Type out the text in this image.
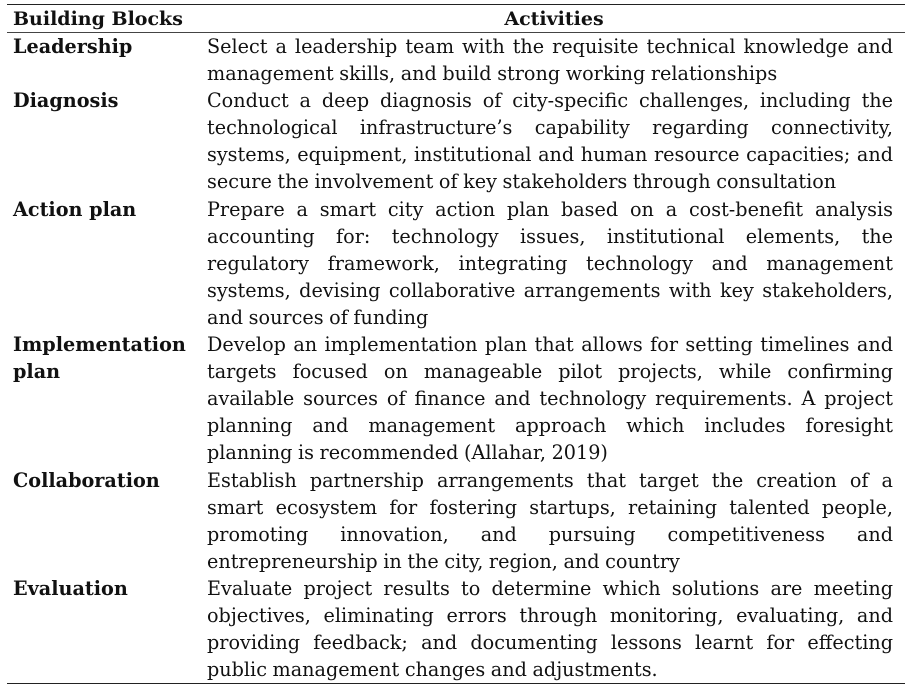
Building Blocks	Activities
Leadership	Select a leadership team with the requisite technical knowledge and management skills, and build strong working relationships
Diagnosis	Conduct a deep diagnosis of city-specific challenges, including the technological infrastructure’s capability regarding connectivity, systems, equipment, institutional and human resource capacities; and secure the involvement of key stakeholders through consultation
Action plan	Prepare a smart city action plan based on a cost-benefit analysis accounting for: technology issues, institutional elements, the regulatory framework, integrating technology and management systems, devising collaborative arrangements with key stakeholders, and sources of funding
Implementation plan	Develop an implementation plan that allows for setting timelines and targets focused on manageable pilot projects, while confirming available sources of finance and technology requirements. A project planning and management approach which includes foresight planning is recommended (Allahar, 2019)
Collaboration	Establish partnership arrangements that target the creation of a smart ecosystem for fostering startups, retaining talented people, promoting innovation, and pursuing competitiveness and entrepreneurship in the city, region, and country
Evaluation	Evaluate project results to determine which solutions are meeting objectives, eliminating errors through monitoring, evaluating, and providing feedback; and documenting lessons learnt for effecting public management changes and adjustments.
